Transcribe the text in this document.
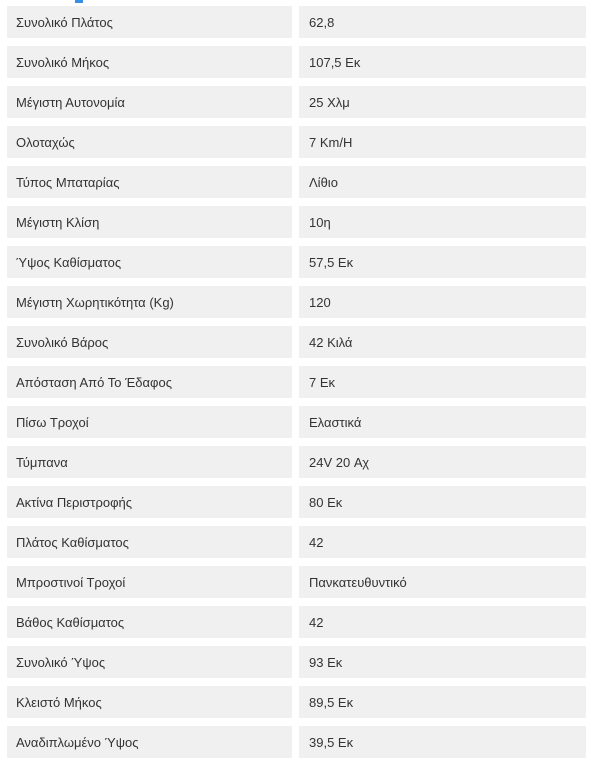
Συνολικό Πλάτος	62,8
Συνολικό Μήκος	107,5 Εκ
Μέγιστη Αυτονομία	25 Χλμ
Ολοταχώς	7 Km/H
Τύπος Μπαταρίας	Λίθιο
Μέγιστη Κλίση	10η
Ύψος Καθίσματος	57,5 Εκ
Μέγιστη Χωρητικότητα (Kg)	120
Συνολικό Βάρος	42 Κιλά
Απόσταση Από Το Έδαφος	7 Εκ
Πίσω Τροχοί	Ελαστικά
Τύμπανα	24V 20 Αχ
Ακτίνα Περιστροφής	80 Εκ
Πλάτος Καθίσματος	42
Μπροστινοί Τροχοί	Πανκατευθυντικό
Βάθος Καθίσματος	42
Συνολικό Ύψος	93 Εκ
Κλειστό Μήκος	89,5 Εκ
Αναδιπλωμένο Ύψος	39,5 Εκ
